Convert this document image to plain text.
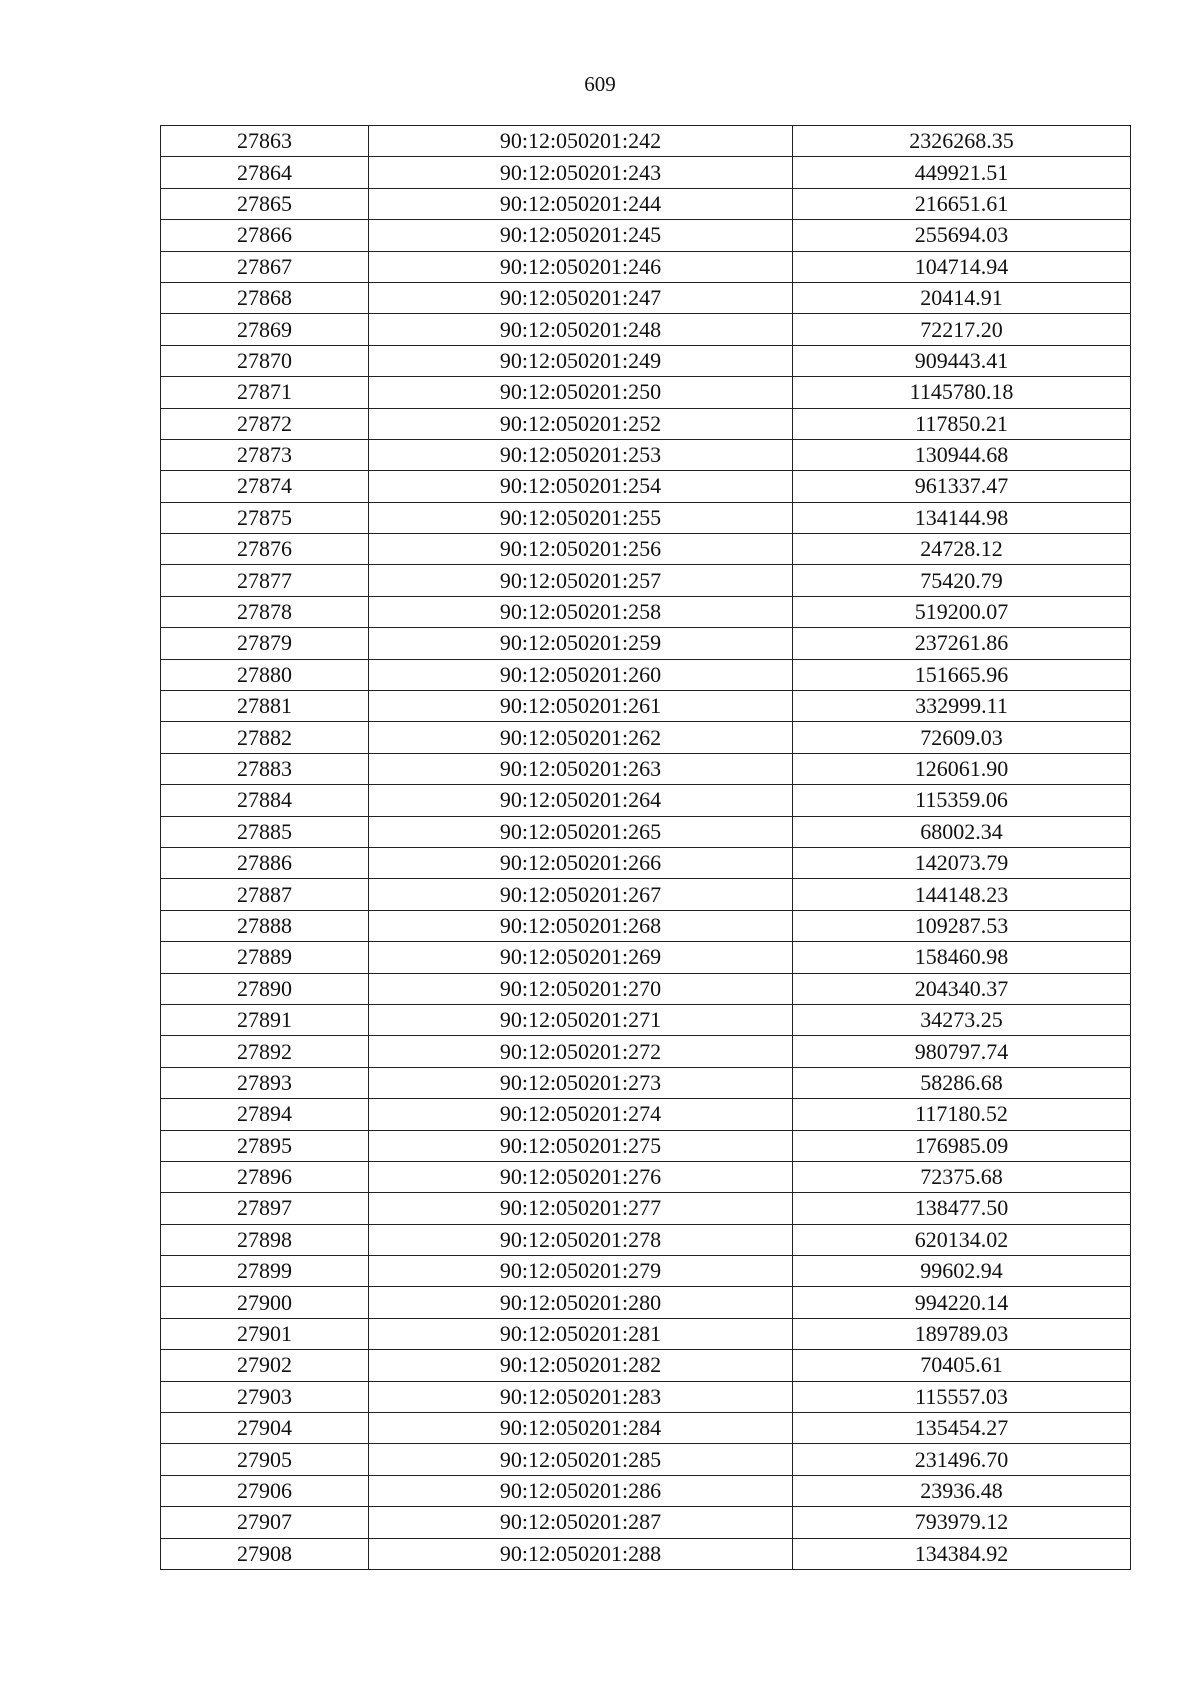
609
27863	90:12:050201:242	2326268.35
27864	90:12:050201:243	449921.51
27865	90:12:050201:244	216651.61
27866	90:12:050201:245	255694.03
27867	90:12:050201:246	104714.94
27868	90:12:050201:247	20414.91
27869	90:12:050201:248	72217.20
27870	90:12:050201:249	909443.41
27871	90:12:050201:250	1145780.18
27872	90:12:050201:252	117850.21
27873	90:12:050201:253	130944.68
27874	90:12:050201:254	961337.47
27875	90:12:050201:255	134144.98
27876	90:12:050201:256	24728.12
27877	90:12:050201:257	75420.79
27878	90:12:050201:258	519200.07
27879	90:12:050201:259	237261.86
27880	90:12:050201:260	151665.96
27881	90:12:050201:261	332999.11
27882	90:12:050201:262	72609.03
27883	90:12:050201:263	126061.90
27884	90:12:050201:264	115359.06
27885	90:12:050201:265	68002.34
27886	90:12:050201:266	142073.79
27887	90:12:050201:267	144148.23
27888	90:12:050201:268	109287.53
27889	90:12:050201:269	158460.98
27890	90:12:050201:270	204340.37
27891	90:12:050201:271	34273.25
27892	90:12:050201:272	980797.74
27893	90:12:050201:273	58286.68
27894	90:12:050201:274	117180.52
27895	90:12:050201:275	176985.09
27896	90:12:050201:276	72375.68
27897	90:12:050201:277	138477.50
27898	90:12:050201:278	620134.02
27899	90:12:050201:279	99602.94
27900	90:12:050201:280	994220.14
27901	90:12:050201:281	189789.03
27902	90:12:050201:282	70405.61
27903	90:12:050201:283	115557.03
27904	90:12:050201:284	135454.27
27905	90:12:050201:285	231496.70
27906	90:12:050201:286	23936.48
27907	90:12:050201:287	793979.12
27908	90:12:050201:288	134384.92
